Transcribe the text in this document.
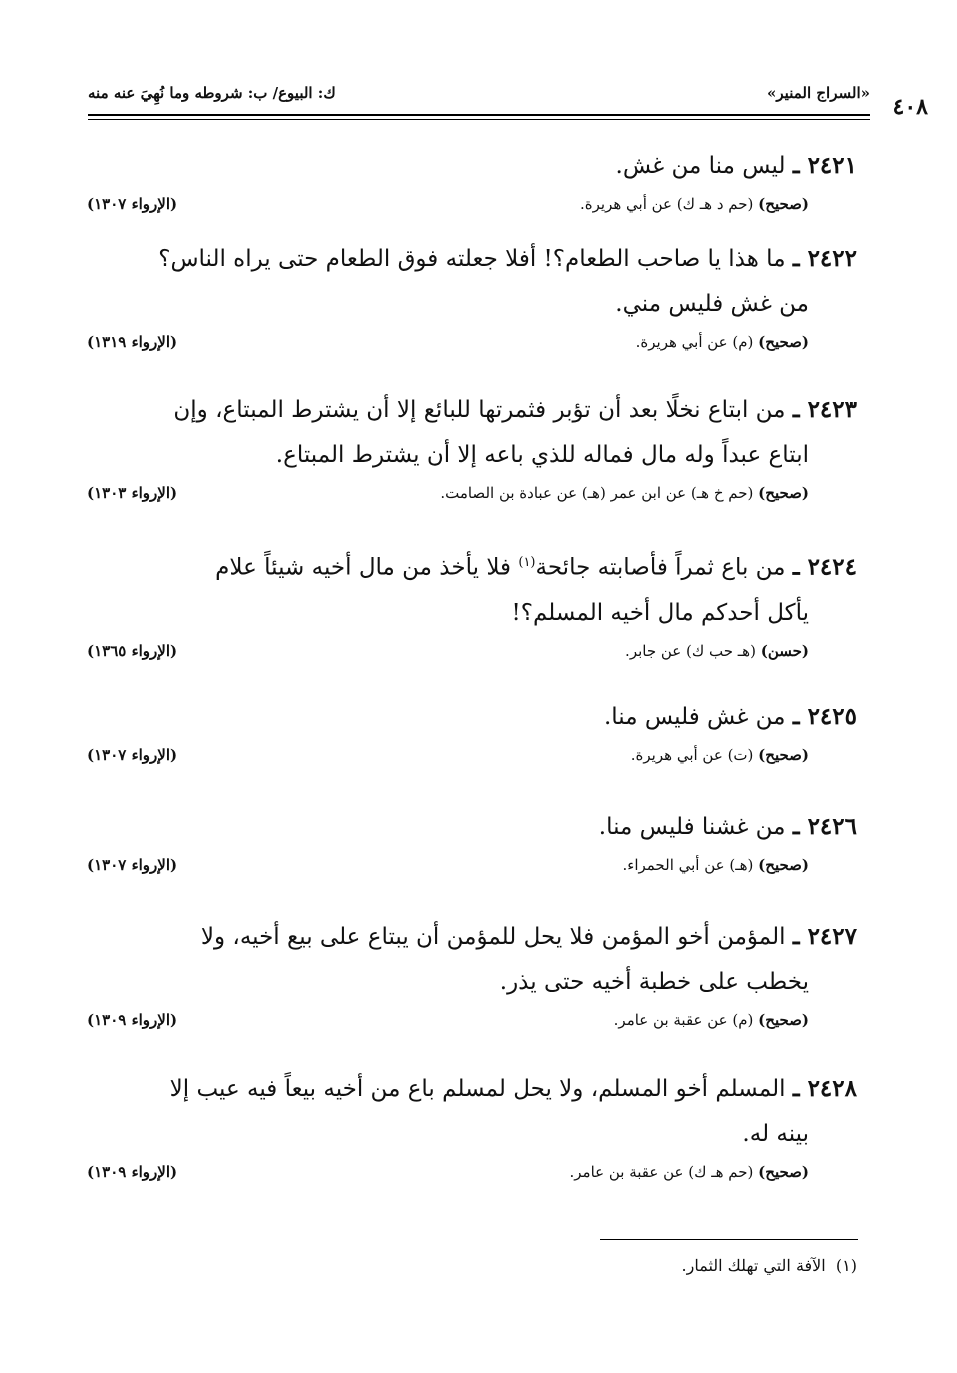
٤٠٨
«السراج المنير»
ك: البيوع/ ب: شروطه وما نُهِيَ عنه منه
٢٤٢١ ـ ليس منا من غش.
(صحيح) (حم د هـ ك) عن أبي هريرة.
(الإرواء ١٣٠٧)
٢٤٢٢ ـ ما هذا يا صاحب الطعام؟! أفلا جعلته فوق الطعام حتى يراه الناس؟
من غش فليس مني.
(صحيح) (م) عن أبي هريرة.
(الإرواء ١٣١٩)
٢٤٢٣ ـ من ابتاع نخلًا بعد أن تؤبر فثمرتها للبائع إلا أن يشترط المبتاع، وإن
ابتاع عبداً وله مال فماله للذي باعه إلا أن يشترط المبتاع.
(صحيح) (حم خ هـ) عن ابن عمر (هـ) عن عبادة بن الصامت.
(الإرواء ١٣٠٣)
٢٤٢٤ ـ من باع ثمراً فأصابته جائحة$^{(١)}$ فلا يأخذ من مال أخيه شيئاً علام
يأكل أحدكم مال أخيه المسلم؟!
(حسن) (هـ حب ك) عن جابر.
(الإرواء ١٣٦٥)
٢٤٢٥ ـ من غش فليس منا.
(صحيح) (ت) عن أبي هريرة.
(الإرواء ١٣٠٧)
٢٤٢٦ ـ من غشنا فليس منا.
(صحيح) (هـ) عن أبي الحمراء.
(الإرواء ١٣٠٧)
٢٤٢٧ ـ المؤمن أخو المؤمن فلا يحل للمؤمن أن يبتاع على بيع أخيه، ولا
يخطب على خطبة أخيه حتى يذر.
(صحيح) (م) عن عقبة بن عامر.
(الإرواء ١٣٠٩)
٢٤٢٨ ـ المسلم أخو المسلم، ولا يحل لمسلم باع من أخيه بيعاً فيه عيب إلا
بينه له.
(صحيح) (حم هـ ك) عن عقبة بن عامر.
(الإرواء ١٣٠٩)
(١)  الآفة التي تهلك الثمار.
